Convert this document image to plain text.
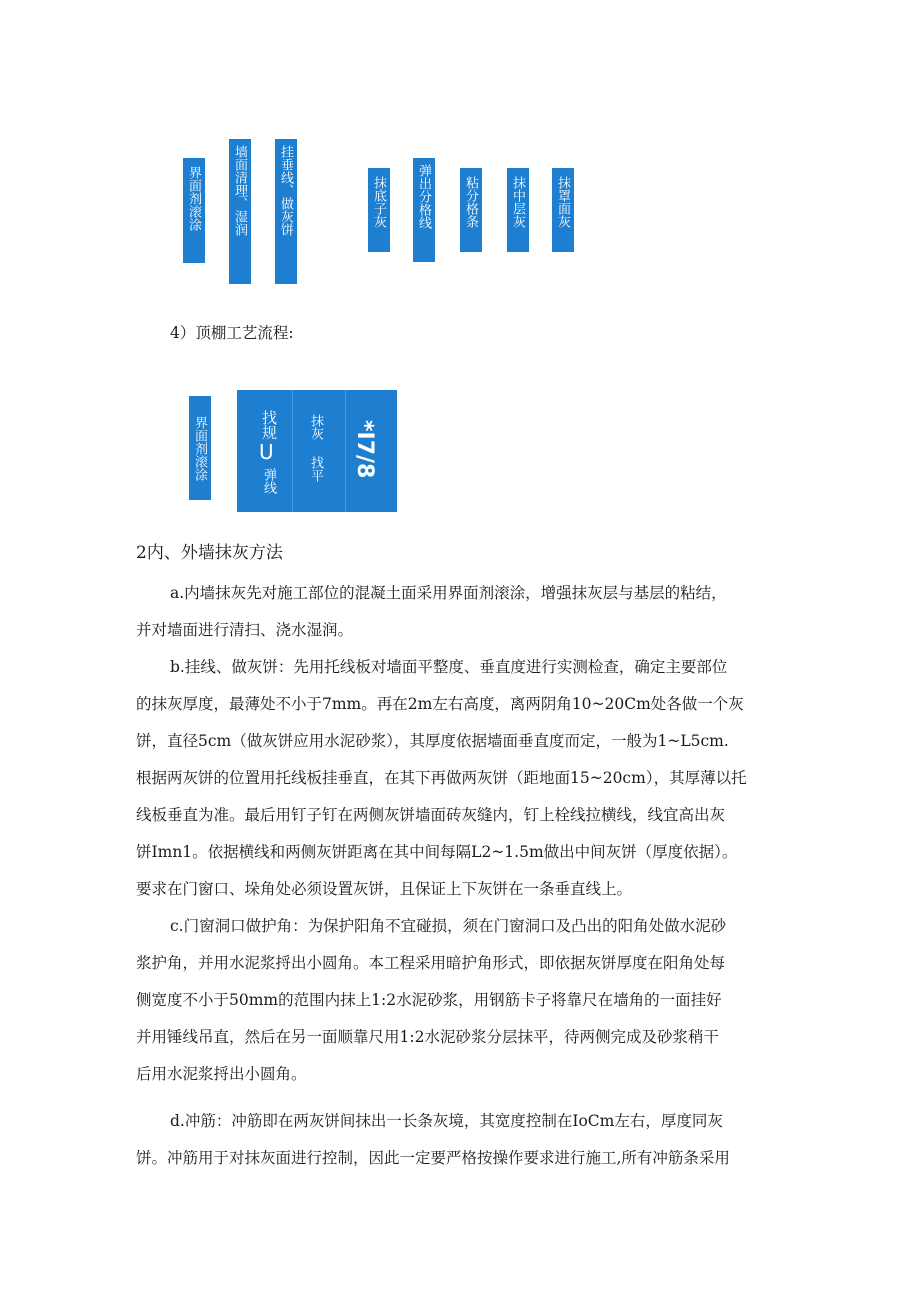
界面剂滚涂 墙面清理、湿润 挂垂线、做灰饼	抹底子灰 弹出分格线 粘分格条 抹中层灰 抹罩面灰
4）顶棚工艺流程:
界面剂滚涂	找规
U
弹线
抹灰
找平 *I7/8
2内、外墙抹灰方法

a.内墙抹灰先对施工部位的混凝土面采用界面剂滚涂，增强抹灰层与基层的粘结，

并对墙面进行清扫、浇水湿润。

b.挂线、做灰饼：先用托线板对墙面平整度、垂直度进行实测检查，确定主要部位

的抹灰厚度，最薄处不小于7mm。再在2m左右高度，离两阴角10~20Cm处各做一个灰

饼，直径5cm（做灰饼应用水泥砂浆），其厚度依据墙面垂直度而定，一般为1~L5cm.

根据两灰饼的位置用托线板挂垂直，在其下再做两灰饼（距地面15~20cm），其厚薄以托

线板垂直为准。最后用钉子钉在两侧灰饼墙面砖灰缝内，钉上栓线拉横线，线宜高出灰

饼Imn1。依据横线和两侧灰饼距离在其中间每隔L2~1.5m做出中间灰饼（厚度依据）。

要求在门窗口、垛角处必须设置灰饼，且保证上下灰饼在一条垂直线上。

c.门窗洞口做护角：为保护阳角不宜碰损，须在门窗洞口及凸出的阳角处做水泥砂

浆护角，并用水泥浆捋出小圆角。本工程采用暗护角形式，即依据灰饼厚度在阳角处每

侧宽度不小于50mm的范围内抹上1:2水泥砂浆，用钢筋卡子将靠尺在墙角的一面挂好

并用锤线吊直，然后在另一面顺靠尺用1:2水泥砂浆分层抹平，待两侧完成及砂浆稍干

后用水泥浆捋出小圆角。

d.冲筋：冲筋即在两灰饼间抹出一长条灰境，其宽度控制在IoCm左右，厚度同灰

饼。冲筋用于对抹灰面进行控制，因此一定要严格按操作要求进行施工,所有冲筋条采用
